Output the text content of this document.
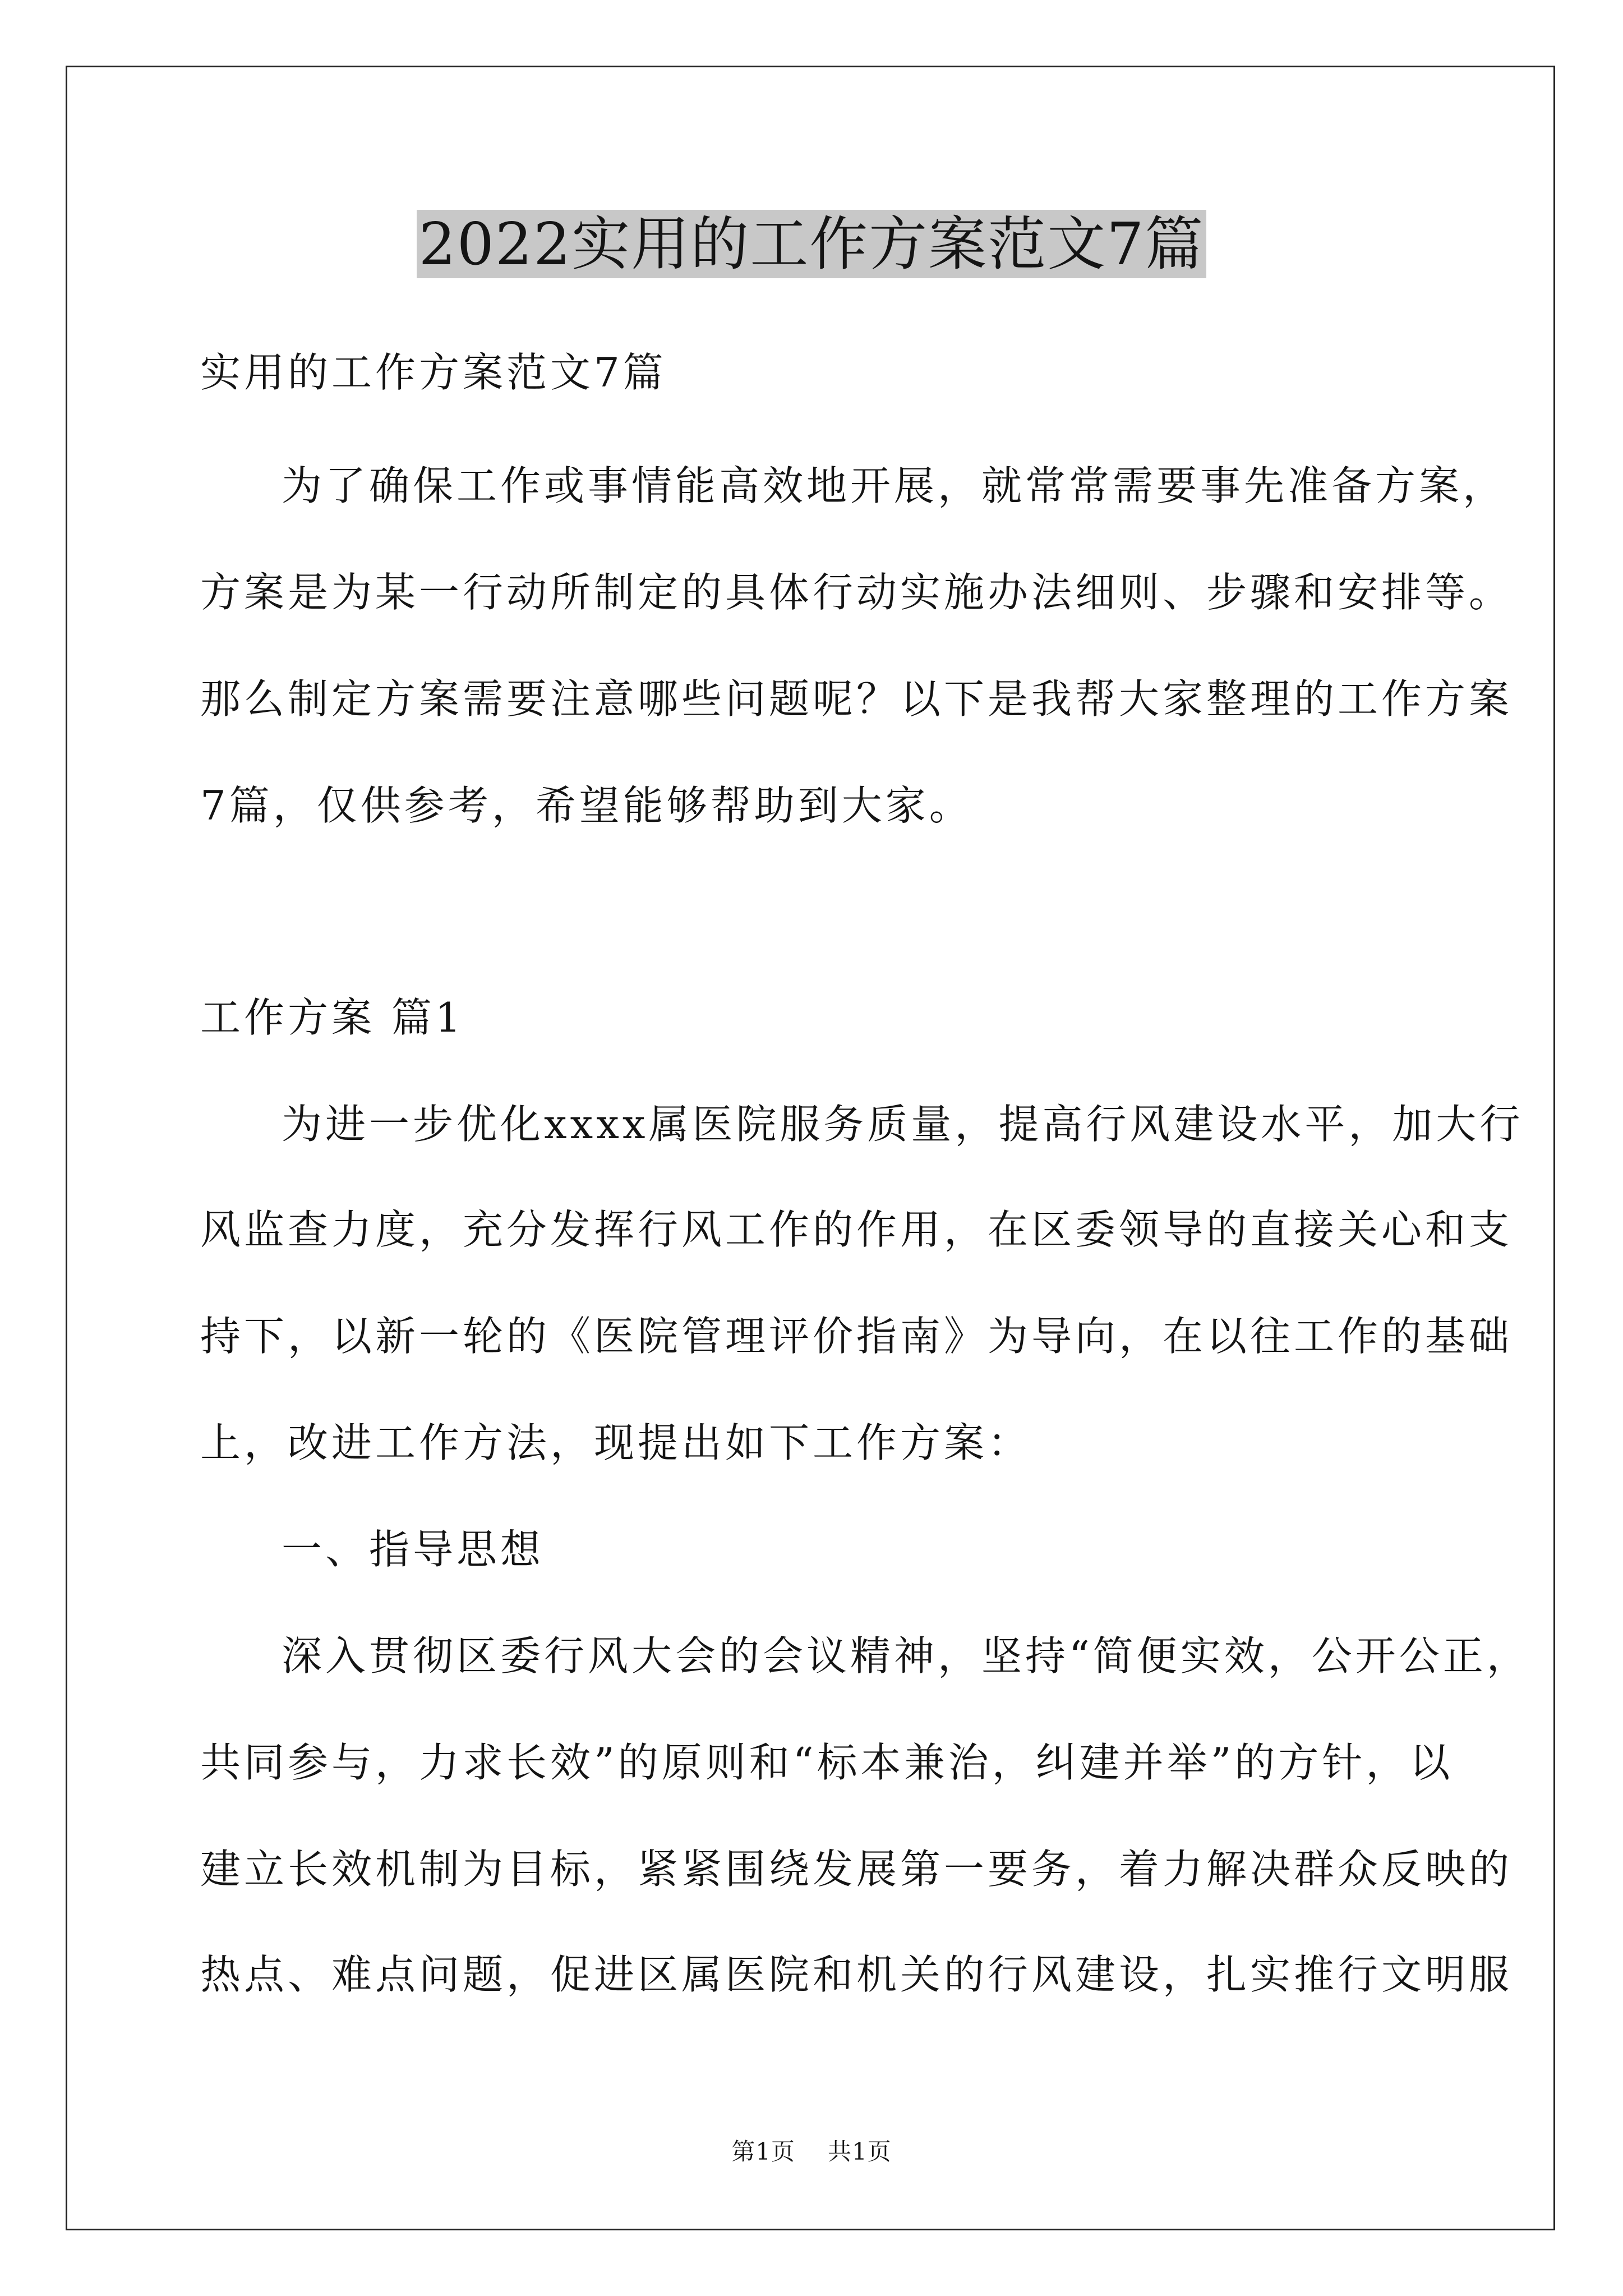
2022实用的工作方案范文7篇
实用的工作方案范文7篇
为了确保工作或事情能高效地开展，就常常需要事先准备方案，
方案是为某一行动所制定的具体行动实施办法细则、步骤和安排等。
那么制定方案需要注意哪些问题呢？以下是我帮大家整理的工作方案
7篇，仅供参考，希望能够帮助到大家。
工作方案 篇1
为进一步优化xxxx属医院服务质量，提高行风建设水平，加大行
风监查力度，充分发挥行风工作的作用，在区委领导的直接关心和支
持下，以新一轮的《医院管理评价指南》为导向，在以往工作的基础
上，改进工作方法，现提出如下工作方案：
一、指导思想
深入贯彻区委行风大会的会议精神，坚持“简便实效，公开公正，
共同参与，力求长效”的原则和“标本兼治，纠建并举”的方针，以
建立长效机制为目标，紧紧围绕发展第一要务，着力解决群众反映的
热点、难点问题，促进区属医院和机关的行风建设，扎实推行文明服
第1页 共1页
